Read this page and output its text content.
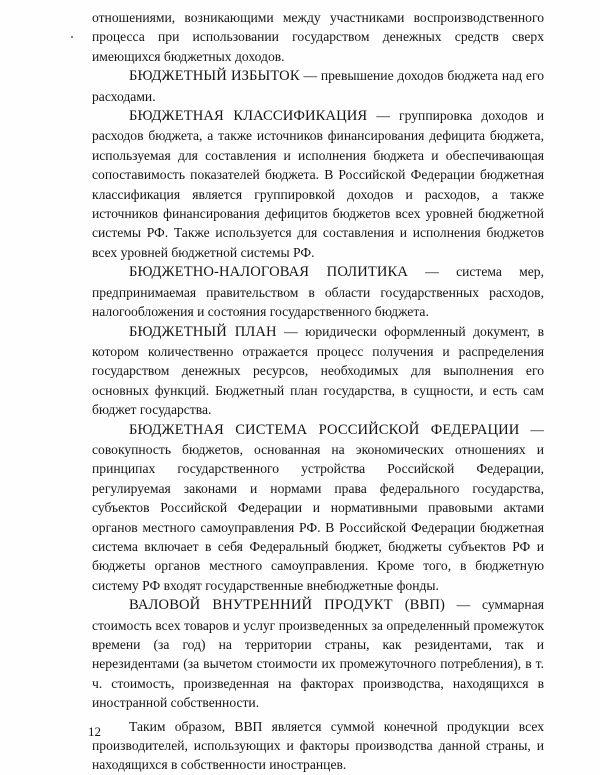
отношениями, возникающими между участниками воспроизводственного процесса при использовании государством денежных средств сверх имеющихся бюджетных доходов.

БЮДЖЕТНЫЙ ИЗБЫТОК — превышение доходов бюджета над его расходами.

БЮДЖЕТНАЯ КЛАССИФИКАЦИЯ — группировка доходов и расходов бюджета, а также источников финансирования дефицита бюджета, используемая для составления и исполнения бюджета и обеспечивающая сопоставимость показателей бюджета. В Российской Федерации бюджетная классификация является группировкой доходов и расходов, а также источников финансирования дефицитов бюджетов всех уровней бюджетной системы РФ. Также используется для составления и исполнения бюджетов всех уровней бюджетной системы РФ.

БЮДЖЕТНО-НАЛОГОВАЯ ПОЛИТИКА — система мер, предпринимаемая правительством в области государственных расходов, налогообложения и состояния государственного бюджета.

БЮДЖЕТНЫЙ ПЛАН — юридически оформленный документ, в котором количественно отражается процесс получения и распределения государством денежных ресурсов, необходимых для выполнения его основных функций. Бюджетный план государства, в сущности, и есть сам бюджет государства.

БЮДЖЕТНАЯ СИСТЕМА РОССИЙСКОЙ ФЕДЕРАЦИИ — совокупность бюджетов, основанная на экономических отношениях и принципах государственного устройства Российской Федерации, регулируемая законами и нормами права федерального государства, субъектов Российской Федерации и нормативными правовыми актами органов местного самоуправления РФ. В Российской Федерации бюджетная система включает в себя Федеральный бюджет, бюджеты субъектов РФ и бюджеты органов местного самоуправления. Кроме того, в бюджетную систему РФ входят государственные внебюджетные фонды.

ВАЛОВОЙ ВНУТРЕННИЙ ПРОДУКТ (ВВП) — суммарная стоимость всех товаров и услуг произведенных за определенный промежуток времени (за год) на территории страны, как резидентами, так и нерезидентами (за вычетом стоимости их промежуточного потребления), в т. ч. стоимость, произведенная на факторах производства, находящихся в иностранной собственности.

Таким образом, ВВП является суммой конечной продукции всех производителей, использующих и факторы производства данной страны, и находящихся в собственности иностранцев.

12
